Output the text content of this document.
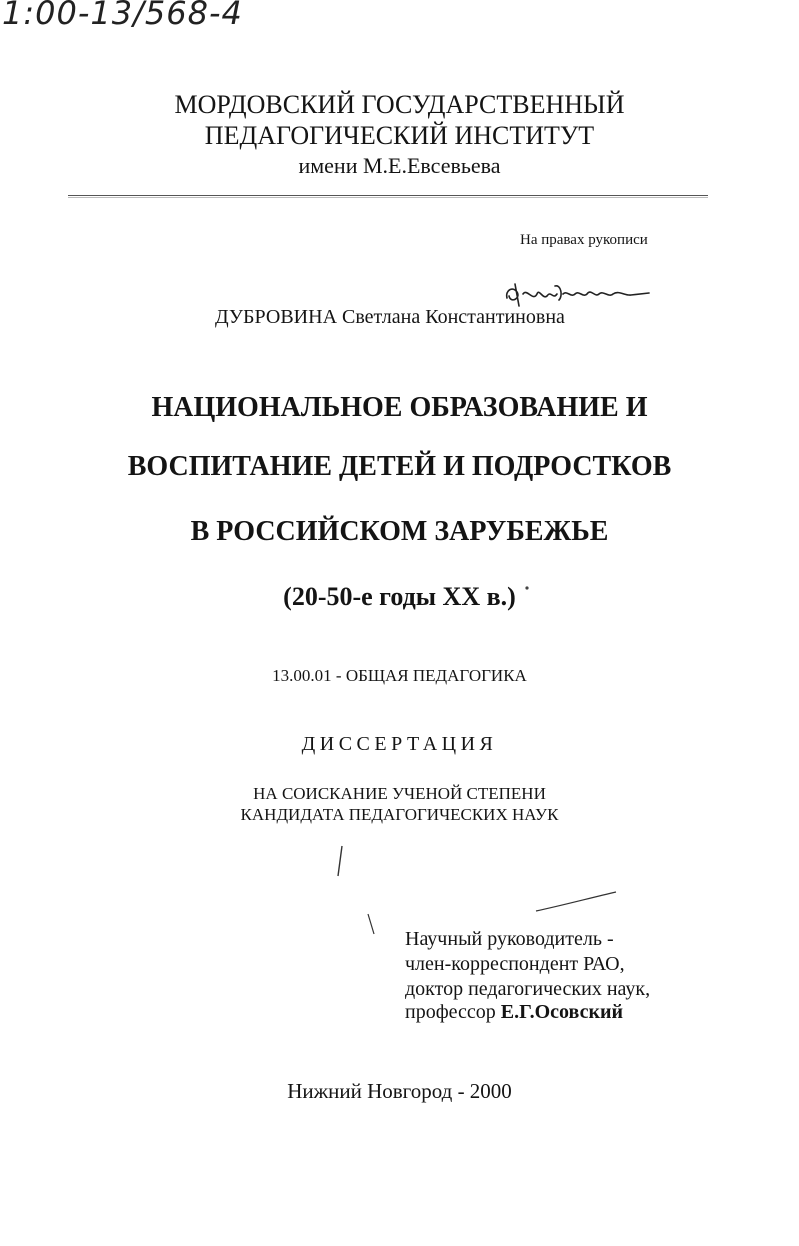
1:00-13/568-4
МОРДОВСКИЙ ГОСУДАРСТВЕННЫЙ
ПЕДАГОГИЧЕСКИЙ ИНСТИТУТ
имени М.Е.Евсевьева
На правах рукописи
ДУБРОВИНА Светлана Константиновна
НАЦИОНАЛЬНОЕ ОБРАЗОВАНИЕ И
ВОСПИТАНИЕ ДЕТЕЙ И ПОДРОСТКОВ
В РОССИЙСКОМ ЗАРУБЕЖЬЕ
(20-50-е годы XX в.)
13.00.01 - ОБЩАЯ ПЕДАГОГИКА
ДИССЕРТАЦИЯ
НА СОИСКАНИЕ УЧЕНОЙ СТЕПЕНИ
КАНДИДАТА ПЕДАГОГИЧЕСКИХ НАУК
Научный руководитель -
член-корреспондент РАО,
доктор педагогических наук,
профессор Е.Г.Осовский
Нижний Новгород - 2000
